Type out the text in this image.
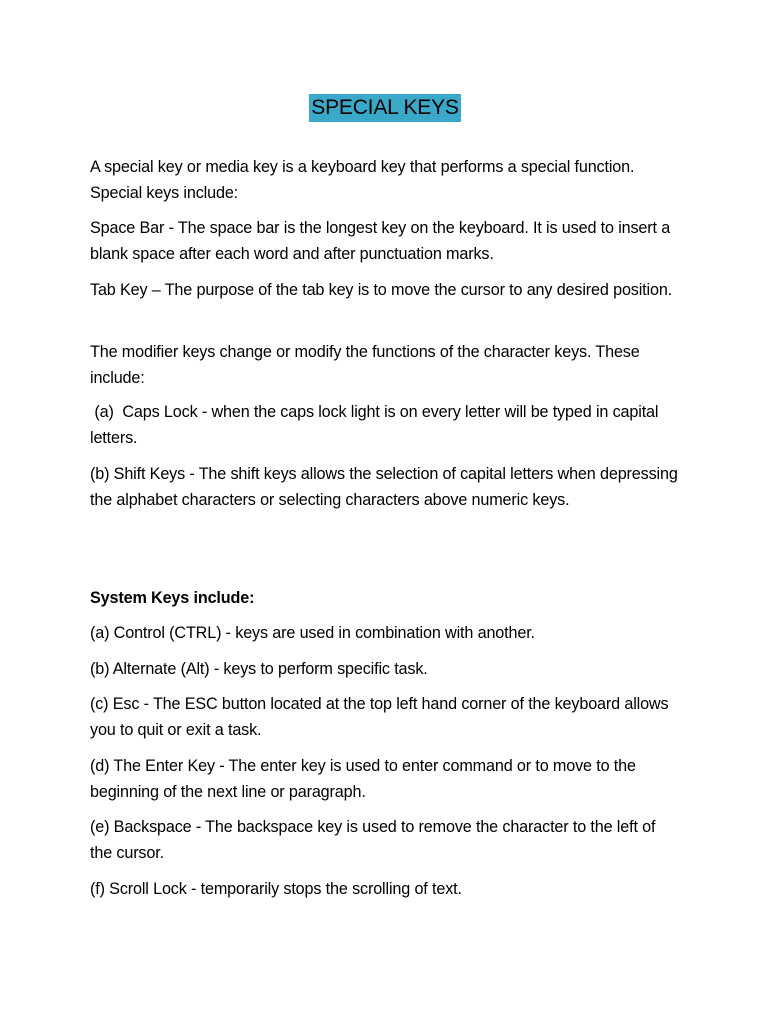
SPECIAL KEYS
A special key or media key is a keyboard key that performs a special function. Special keys include:
Space Bar - The space bar is the longest key on the keyboard. It is used to insert a blank space after each word and after punctuation marks.
Tab Key – The purpose of the tab key is to move the cursor to any desired position.
The modifier keys change or modify the functions of the character keys. These include:
(a)  Caps Lock - when the caps lock light is on every letter will be typed in capital letters.
(b) Shift Keys - The shift keys allows the selection of capital letters when depressing the alphabet characters or selecting characters above numeric keys.
System Keys include:
(a) Control (CTRL) - keys are used in combination with another.
(b) Alternate (Alt) - keys to perform specific task.
(c) Esc - The ESC button located at the top left hand corner of the keyboard allows you to quit or exit a task.
(d) The Enter Key - The enter key is used to enter command or to move to the beginning of the next line or paragraph.
(e) Backspace - The backspace key is used to remove the character to the left of the cursor.
(f) Scroll Lock - temporarily stops the scrolling of text.
